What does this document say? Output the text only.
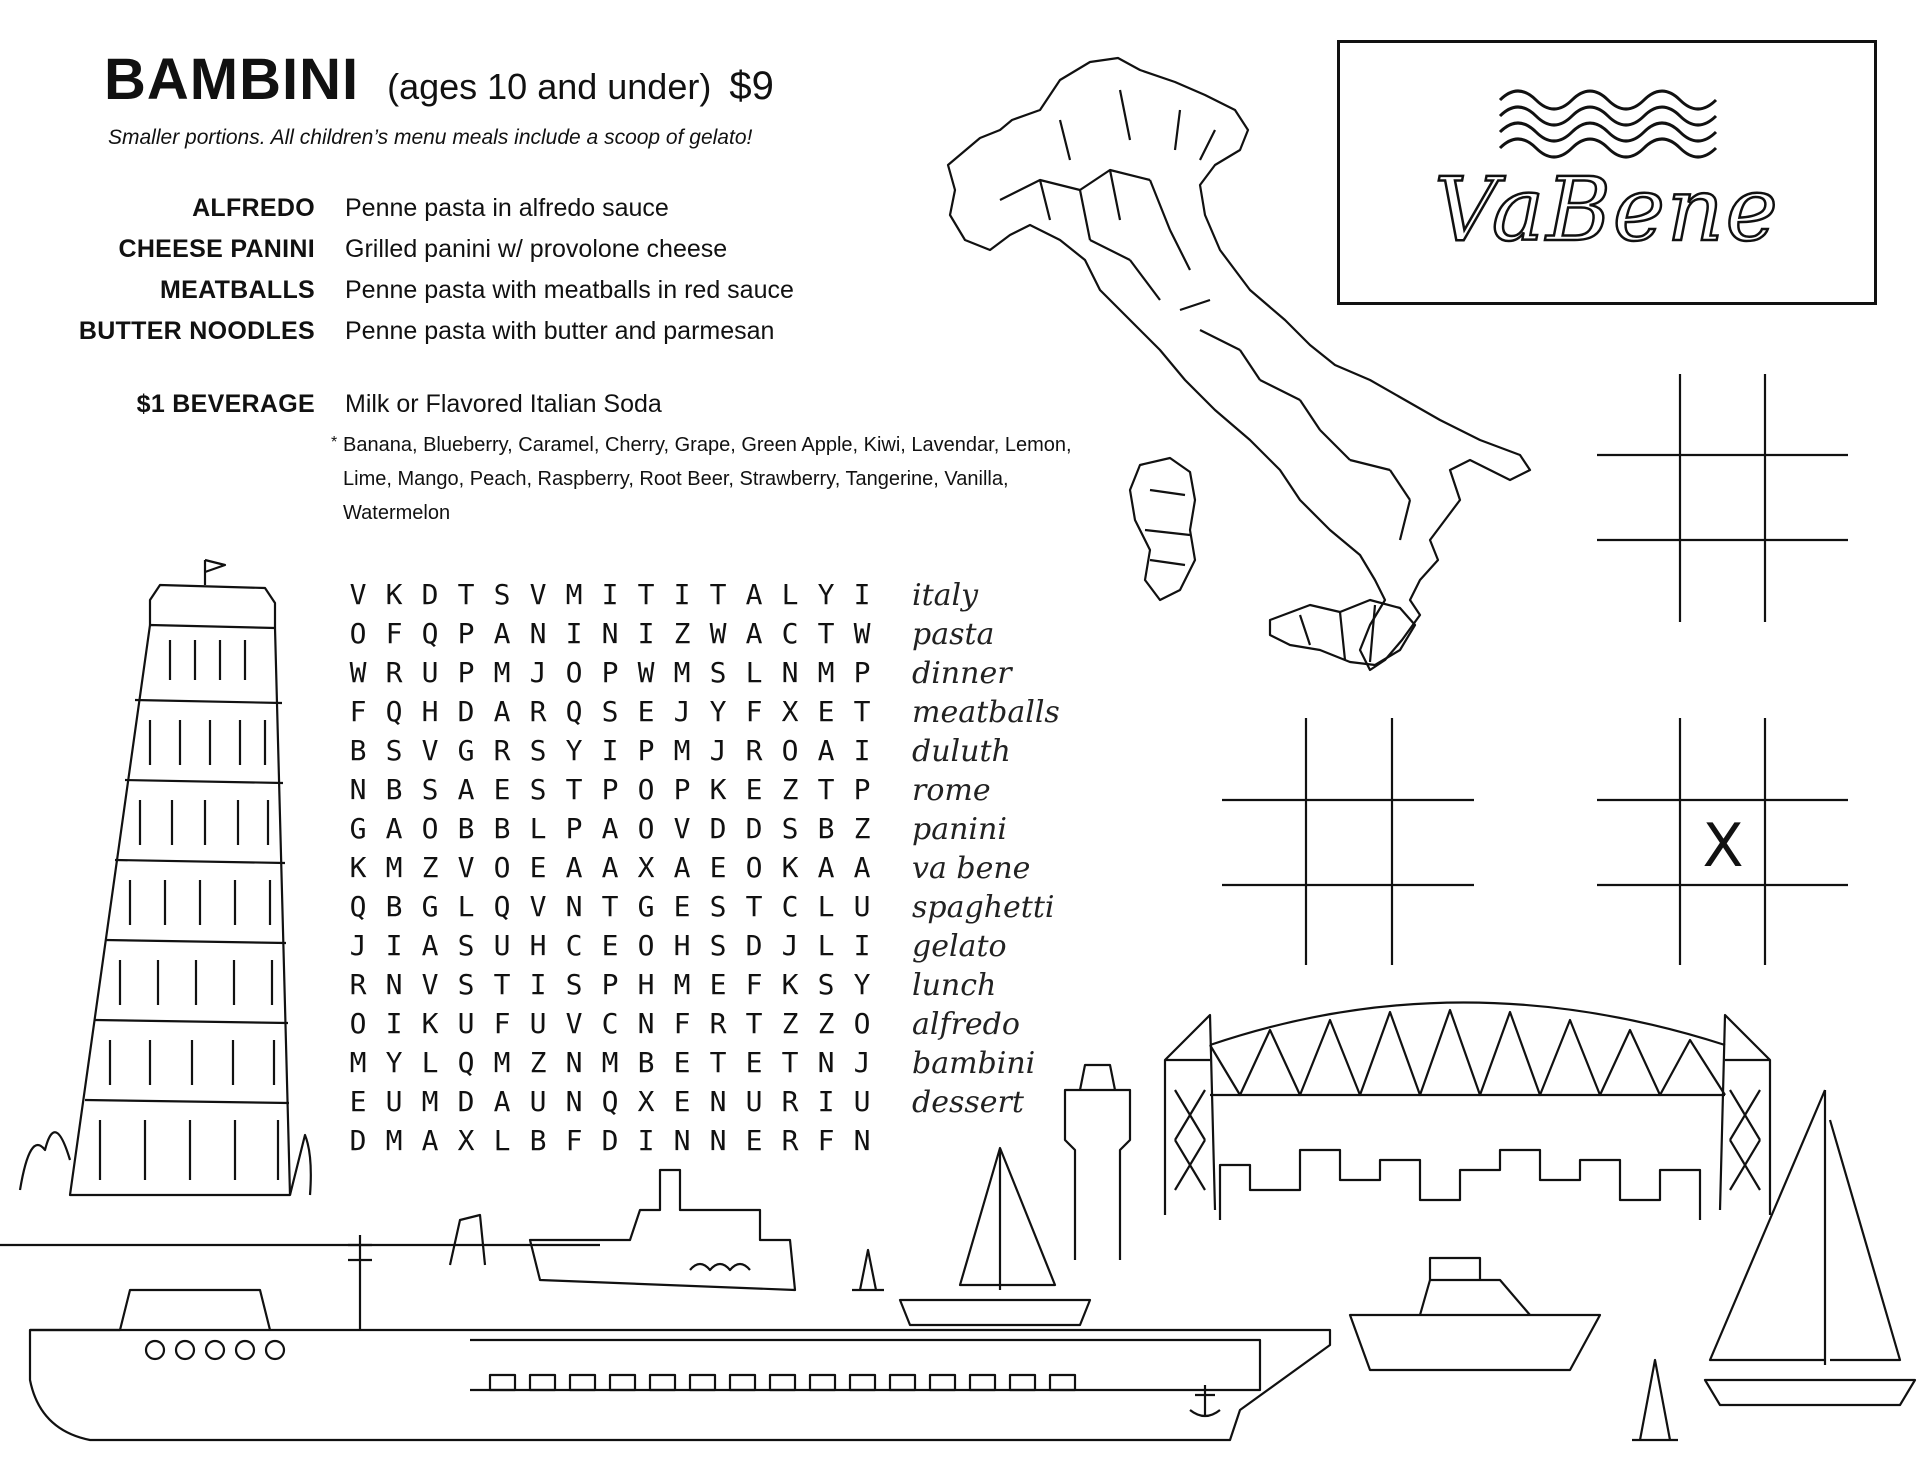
BAMBINI (ages 10 and under) $9
Smaller portions. All children’s menu meals include a scoop of gelato!
ALFREDO Penne pasta in alfredo sauce
CHEESE PANINI Grilled panini w/ provolone cheese
MEATBALLS Penne pasta with meatballs in red sauce
BUTTER NOODLES Penne pasta with butter and parmesan
$1 BEVERAGE Milk or Flavored Italian Soda
* Banana, Blueberry, Caramel, Cherry, Grape, Green Apple, Kiwi, Lavendar, Lemon, Lime, Mango, Peach, Raspberry, Root Beer, Strawberry, Tangerine, Vanilla, Watermelon
V K D T S V M I T I T A L Y I
O F Q P A N I N I Z W A C T W
W R U P M J O P W M S L N M P
F Q H D A R Q S E J Y F X E T
B S V G R S Y I P M J R O A I
N B S A E S T P O P K E Z T P
G A O B B L P A O V D D S B Z
K M Z V O E A A X A E O K A A
Q B G L Q V N T G E S T C L U
J I A S U H C E O H S D J L I
R N V S T I S P H M E F K S Y
O I K U F U V C N F R T Z Z O
M Y L Q M Z N M B E T E T N J
E U M D A U N Q X E N U R I U
D M A X L B F D I N N E R F N
italy
pasta
dinner
meatballs
duluth
rome
panini
va bene
spaghetti
gelato
lunch
alfredo
bambini
dessert
VaBene
X
